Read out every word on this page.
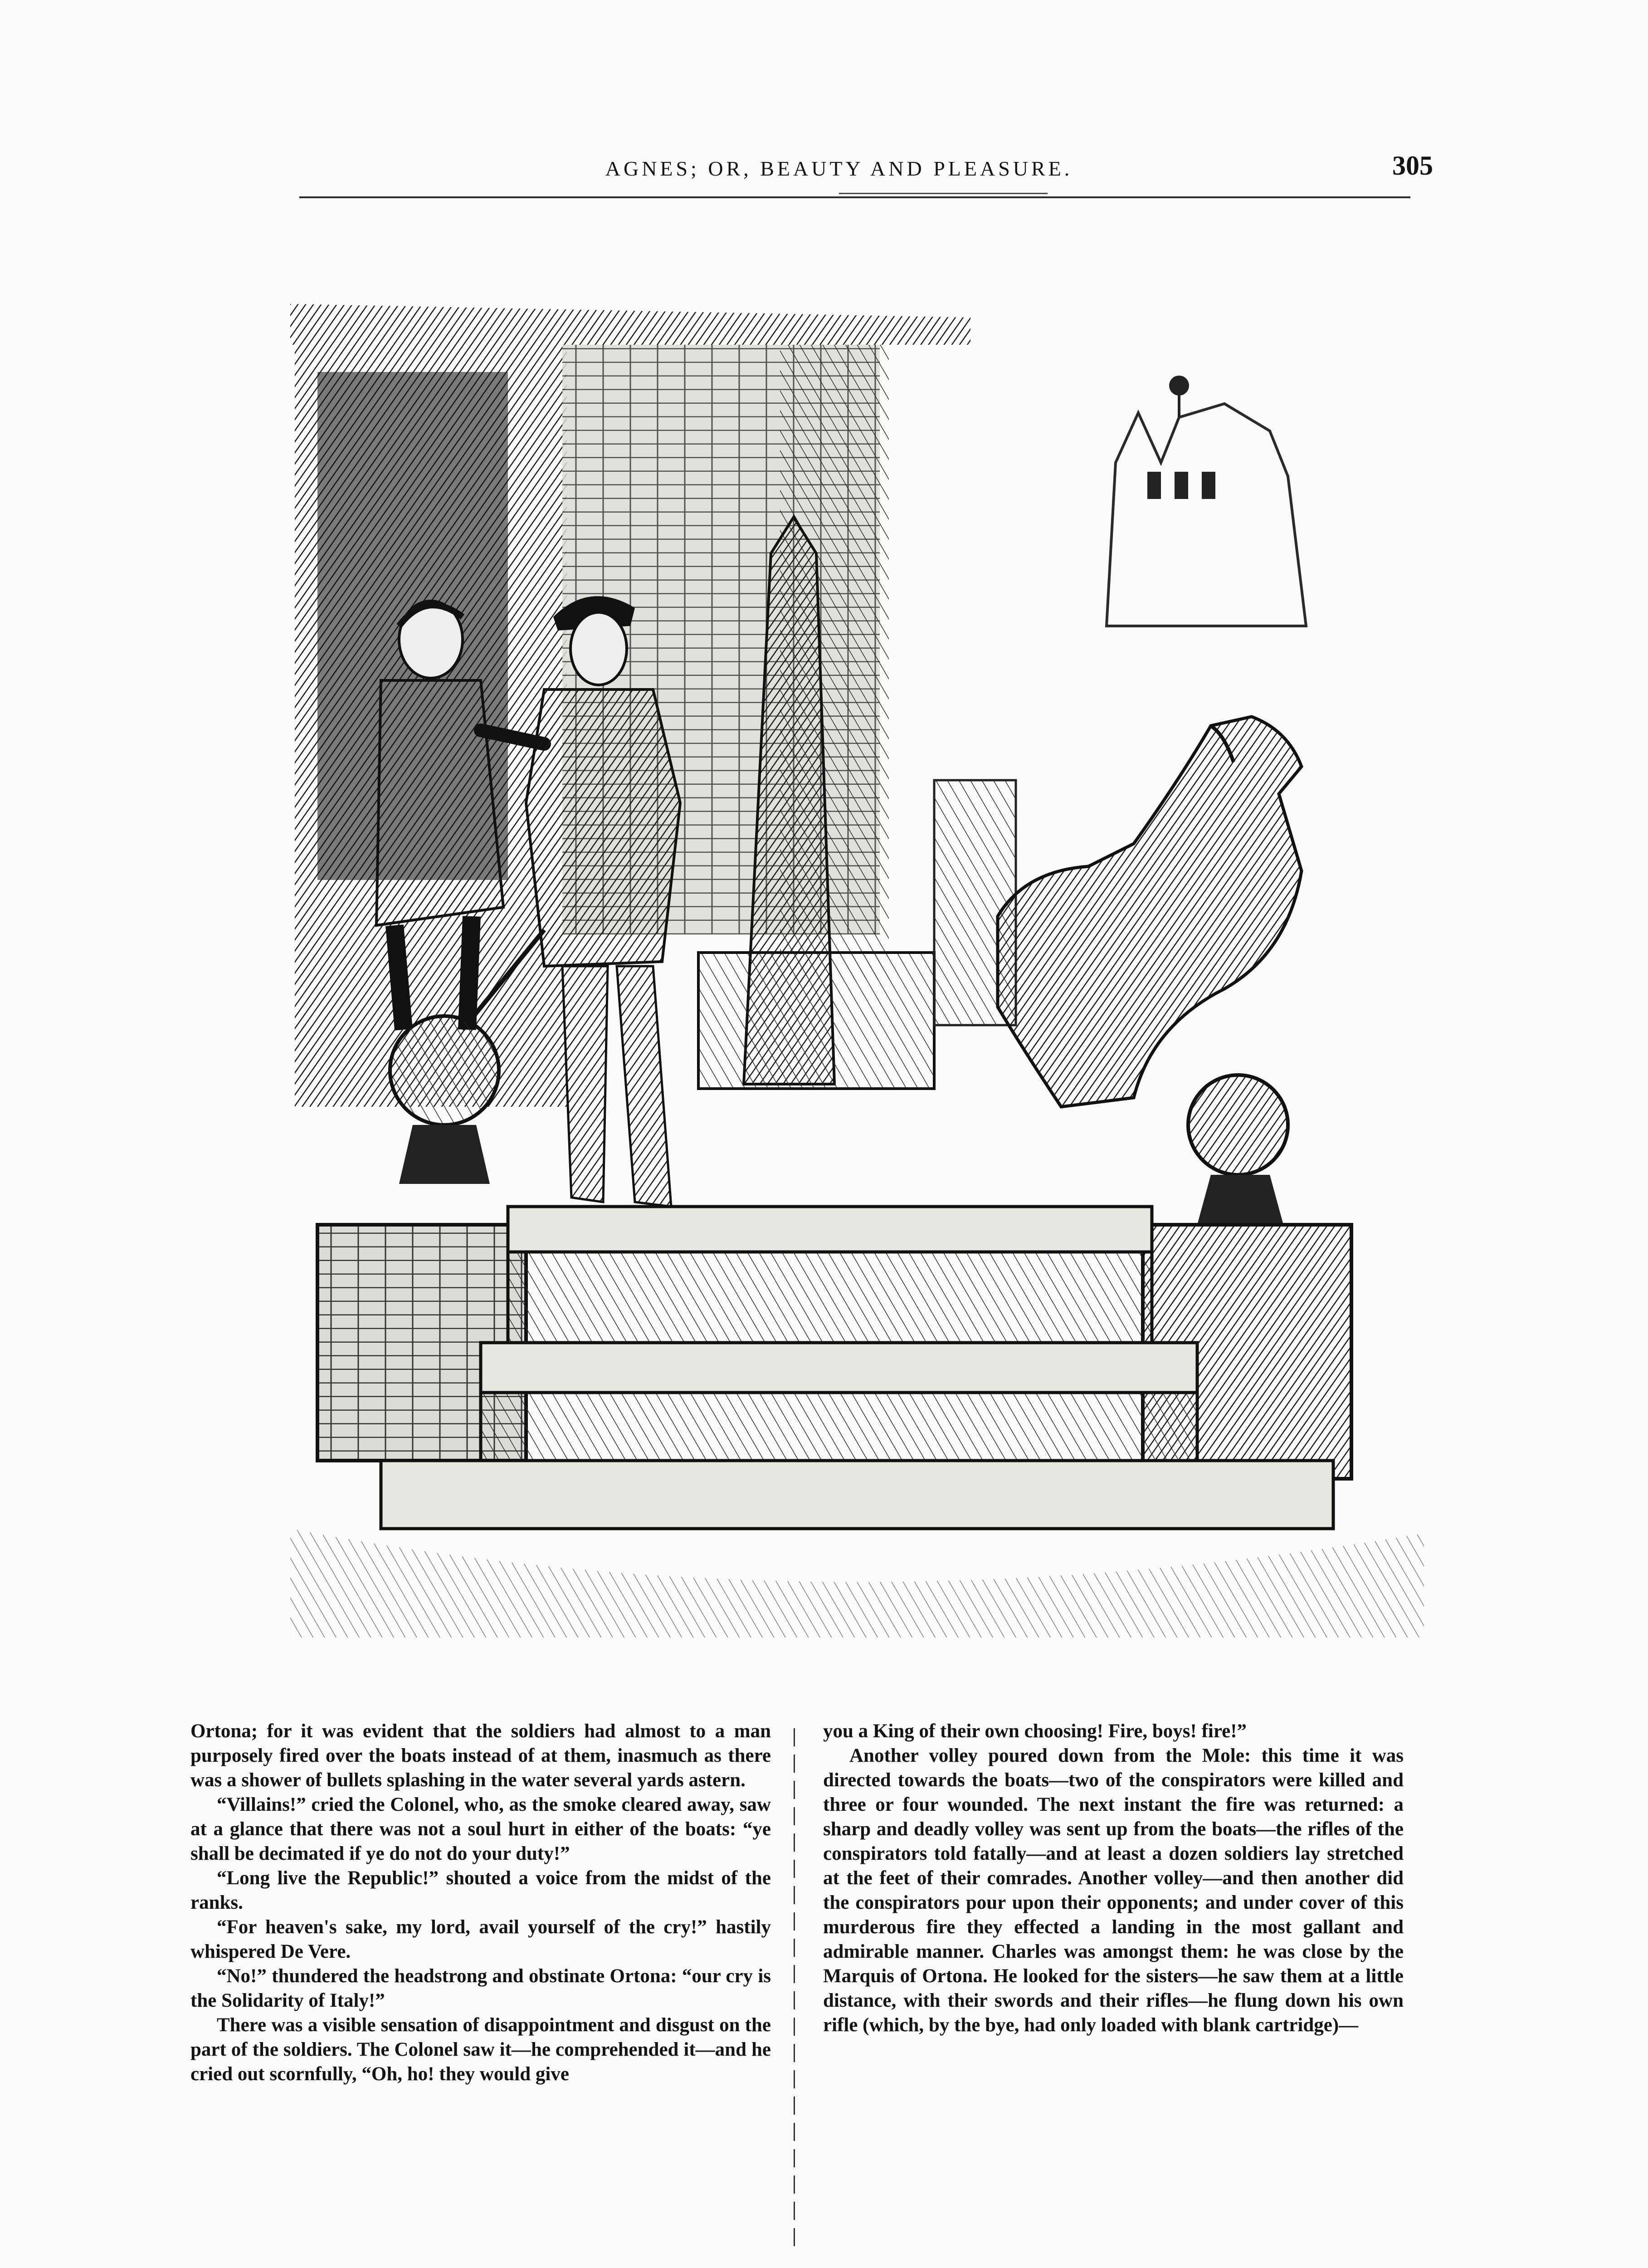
AGNES; OR, BEAUTY AND PLEASURE.	305

Ortona; for it was evident that the soldiers had almost to a man purposely fired over the boats instead of at them, inasmuch as there was a shower of bullets splashing in the water several yards astern.

“Villains!” cried the Colonel, who, as the smoke cleared away, saw at a glance that there was not a soul hurt in either of the boats: “ye shall be decimated if ye do not do your duty!”

“Long live the Republic!” shouted a voice from the midst of the ranks.

“For heaven's sake, my lord, avail yourself of the cry!” hastily whispered De Vere.

“No!” thundered the headstrong and obstinate Ortona: “our cry is the Solidarity of Italy!”

There was a visible sensation of disappointment and disgust on the part of the soldiers. The Colonel saw it—he comprehended it—and he cried out scornfully, “Oh, ho! they would give

you a King of their own choosing! Fire, boys! fire!”

Another volley poured down from the Mole: this time it was directed towards the boats—two of the conspirators were killed and three or four wounded. The next instant the fire was returned: a sharp and deadly volley was sent up from the boats—the rifles of the conspirators told fatally—and at least a dozen soldiers lay stretched at the feet of their comrades. Another volley—and then another did the conspirators pour upon their opponents; and under cover of this murderous fire they effected a landing in the most gallant and admirable manner. Charles was amongst them: he was close by the Marquis of Ortona. He looked for the sisters—he saw them at a little distance, with their swords and their rifles—he flung down his own rifle (which, by the bye, had only loaded with blank cartridge)—
